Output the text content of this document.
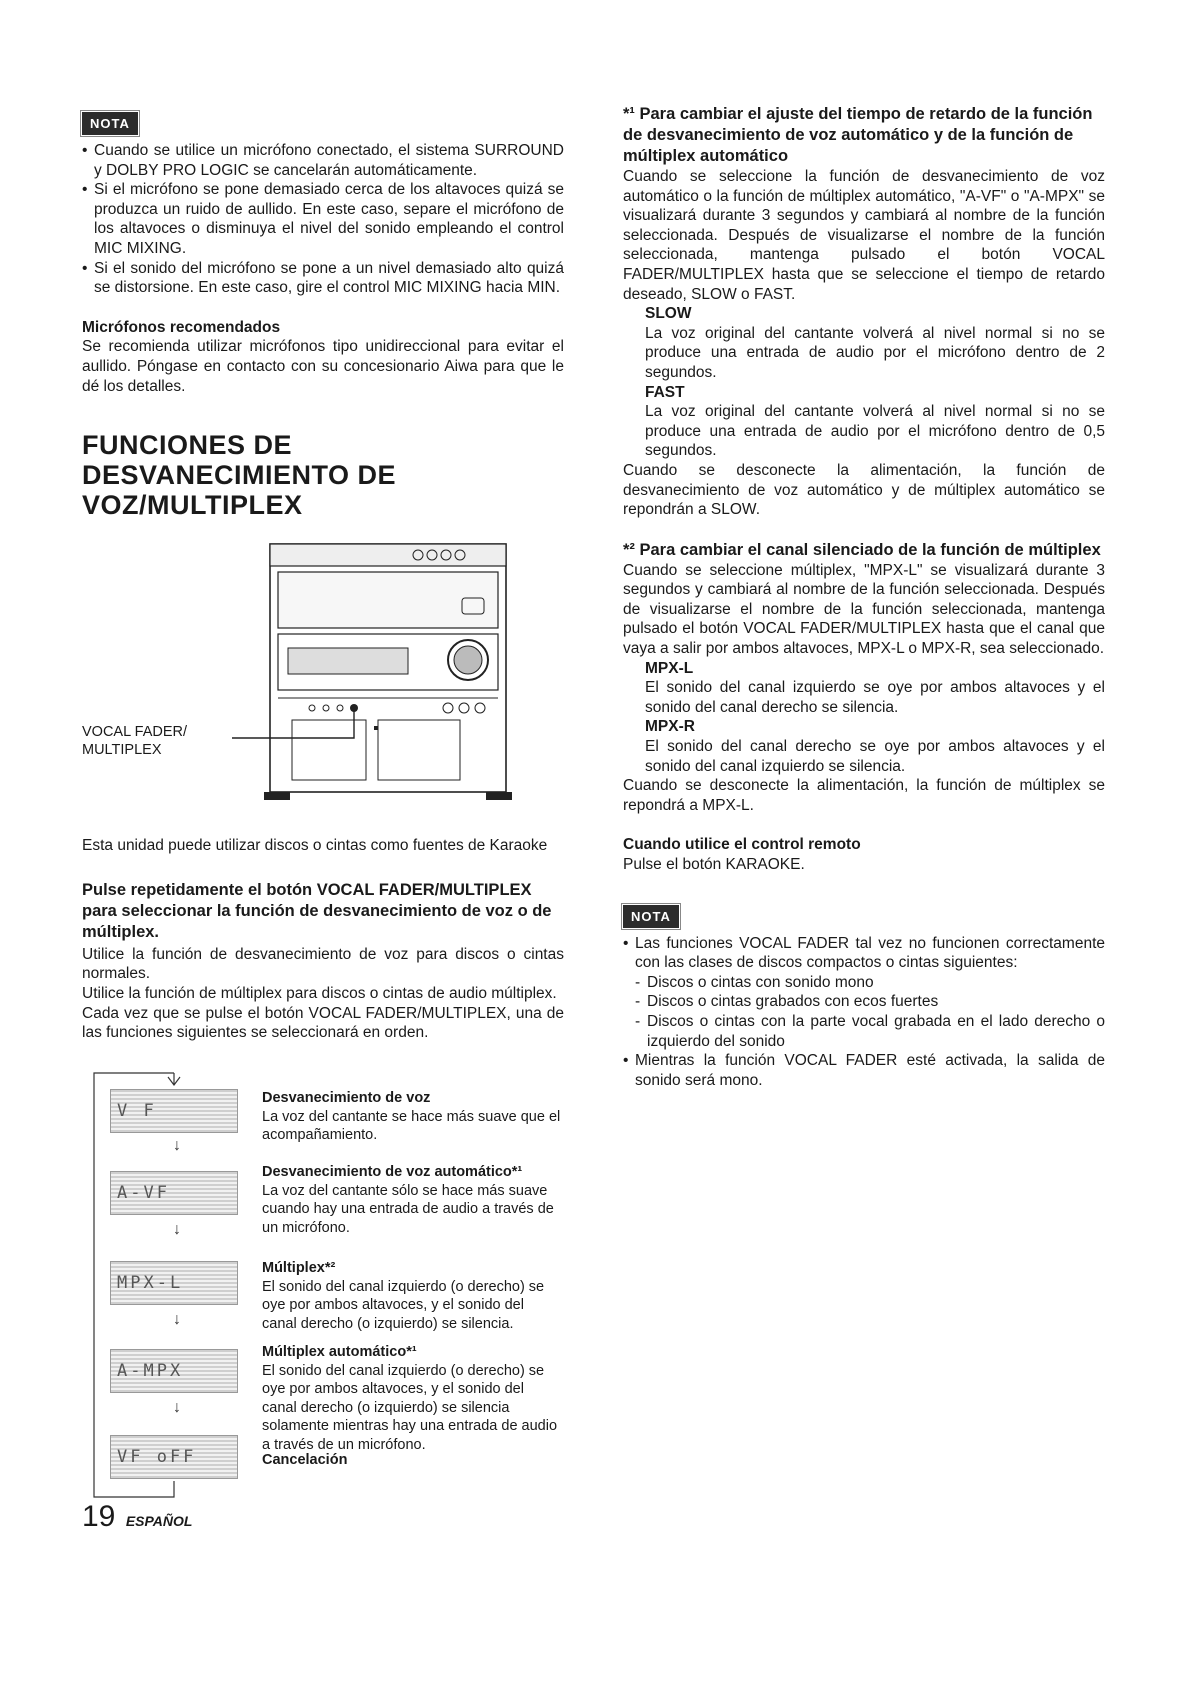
NOTA
• Cuando se utilice un micrófono conectado, el sistema SURROUND y DOLBY PRO LOGIC se cancelarán automáticamente.
• Si el micrófono se pone demasiado cerca de los altavoces quizá se produzca un ruido de aullido. En este caso, separe el micrófono de los altavoces o disminuya el nivel del sonido empleando el control MIC MIXING.
• Si el sonido del micrófono se pone a un nivel demasiado alto quizá se distorsione. En este caso, gire el control MIC MIXING hacia MIN.

Micrófonos recomendados

Se recomienda utilizar micrófonos tipo unidireccional para evitar el aullido. Póngase en contacto con su concesionario Aiwa para que le dé los detalles.

FUNCIONES DE DESVANECIMIENTO DE VOZ/MULTIPLEX
VOCAL FADER/
MULTIPLEX

Esta unidad puede utilizar discos o cintas como fuentes de Karaoke

Pulse repetidamente el botón VOCAL FADER/MULTIPLEX para seleccionar la función de desvanecimiento de voz o de múltiplex.

Utilice la función de desvanecimiento de voz para discos o cintas normales.

Utilice la función de múltiplex para discos o cintas de audio múltiplex.

Cada vez que se pulse el botón VOCAL FADER/MULTIPLEX, una de las funciones siguientes se seleccionará en orden.

V F
↓
A-VF
↓
MPX-L
↓
A-MPX
↓
VF oFF
Desvanecimiento de voz
La voz del cantante se hace más suave que el acompañamiento.
Desvanecimiento de voz automático*¹
La voz del cantante sólo se hace más suave cuando hay una entrada de audio a través de un micrófono.
Múltiplex*²
El sonido del canal izquierdo (o derecho) se oye por ambos altavoces, y el sonido del canal derecho (o izquierdo) se silencia.
Múltiplex automático*¹
El sonido del canal izquierdo (o derecho) se oye por ambos altavoces, y el sonido del canal derecho (o izquierdo) se silencia solamente mientras hay una entrada de audio a través de un micrófono.
Cancelación
*¹ Para cambiar el ajuste del tiempo de retardo de la función de desvanecimiento de voz automático y de la función de múltiplex automático

Cuando se seleccione la función de desvanecimiento de voz automático o la función de múltiplex automático, "A-VF" o "A-MPX" se visualizará durante 3 segundos y cambiará al nombre de la función seleccionada. Después de visualizarse el nombre de la función seleccionada, mantenga pulsado el botón VOCAL FADER/MULTIPLEX hasta que se seleccione el tiempo de retardo deseado, SLOW o FAST.

SLOW

La voz original del cantante volverá al nivel normal si no se produce una entrada de audio por el micrófono dentro de 2 segundos.

FAST

La voz original del cantante volverá al nivel normal si no se produce una entrada de audio por el micrófono dentro de 0,5 segundos.

Cuando se desconecte la alimentación, la función de desvanecimiento de voz automático y de múltiplex automático se repondrán a SLOW.

*² Para cambiar el canal silenciado de la función de múltiplex

Cuando se seleccione múltiplex, "MPX-L" se visualizará durante 3 segundos y cambiará al nombre de la función seleccionada. Después de visualizarse el nombre de la función seleccionada, mantenga pulsado el botón VOCAL FADER/MULTIPLEX hasta que el canal que vaya a salir por ambos altavoces, MPX-L o MPX-R, sea seleccionado.

MPX-L

El sonido del canal izquierdo se oye por ambos altavoces y el sonido del canal derecho se silencia.

MPX-R

El sonido del canal derecho se oye por ambos altavoces y el sonido del canal izquierdo se silencia.

Cuando se desconecte la alimentación, la función de múltiplex se repondrá a MPX-L.

Cuando utilice el control remoto

Pulse el botón KARAOKE.

NOTA
• Las funciones VOCAL FADER tal vez no funcionen correctamente con las clases de discos compactos o cintas siguientes:
- Discos o cintas con sonido mono
- Discos o cintas grabados con ecos fuertes
- Discos o cintas con la parte vocal grabada en el lado derecho o izquierdo del sonido
• Mientras la función VOCAL FADER esté activada, la salida de sonido será mono.
19 ESPAÑOL
